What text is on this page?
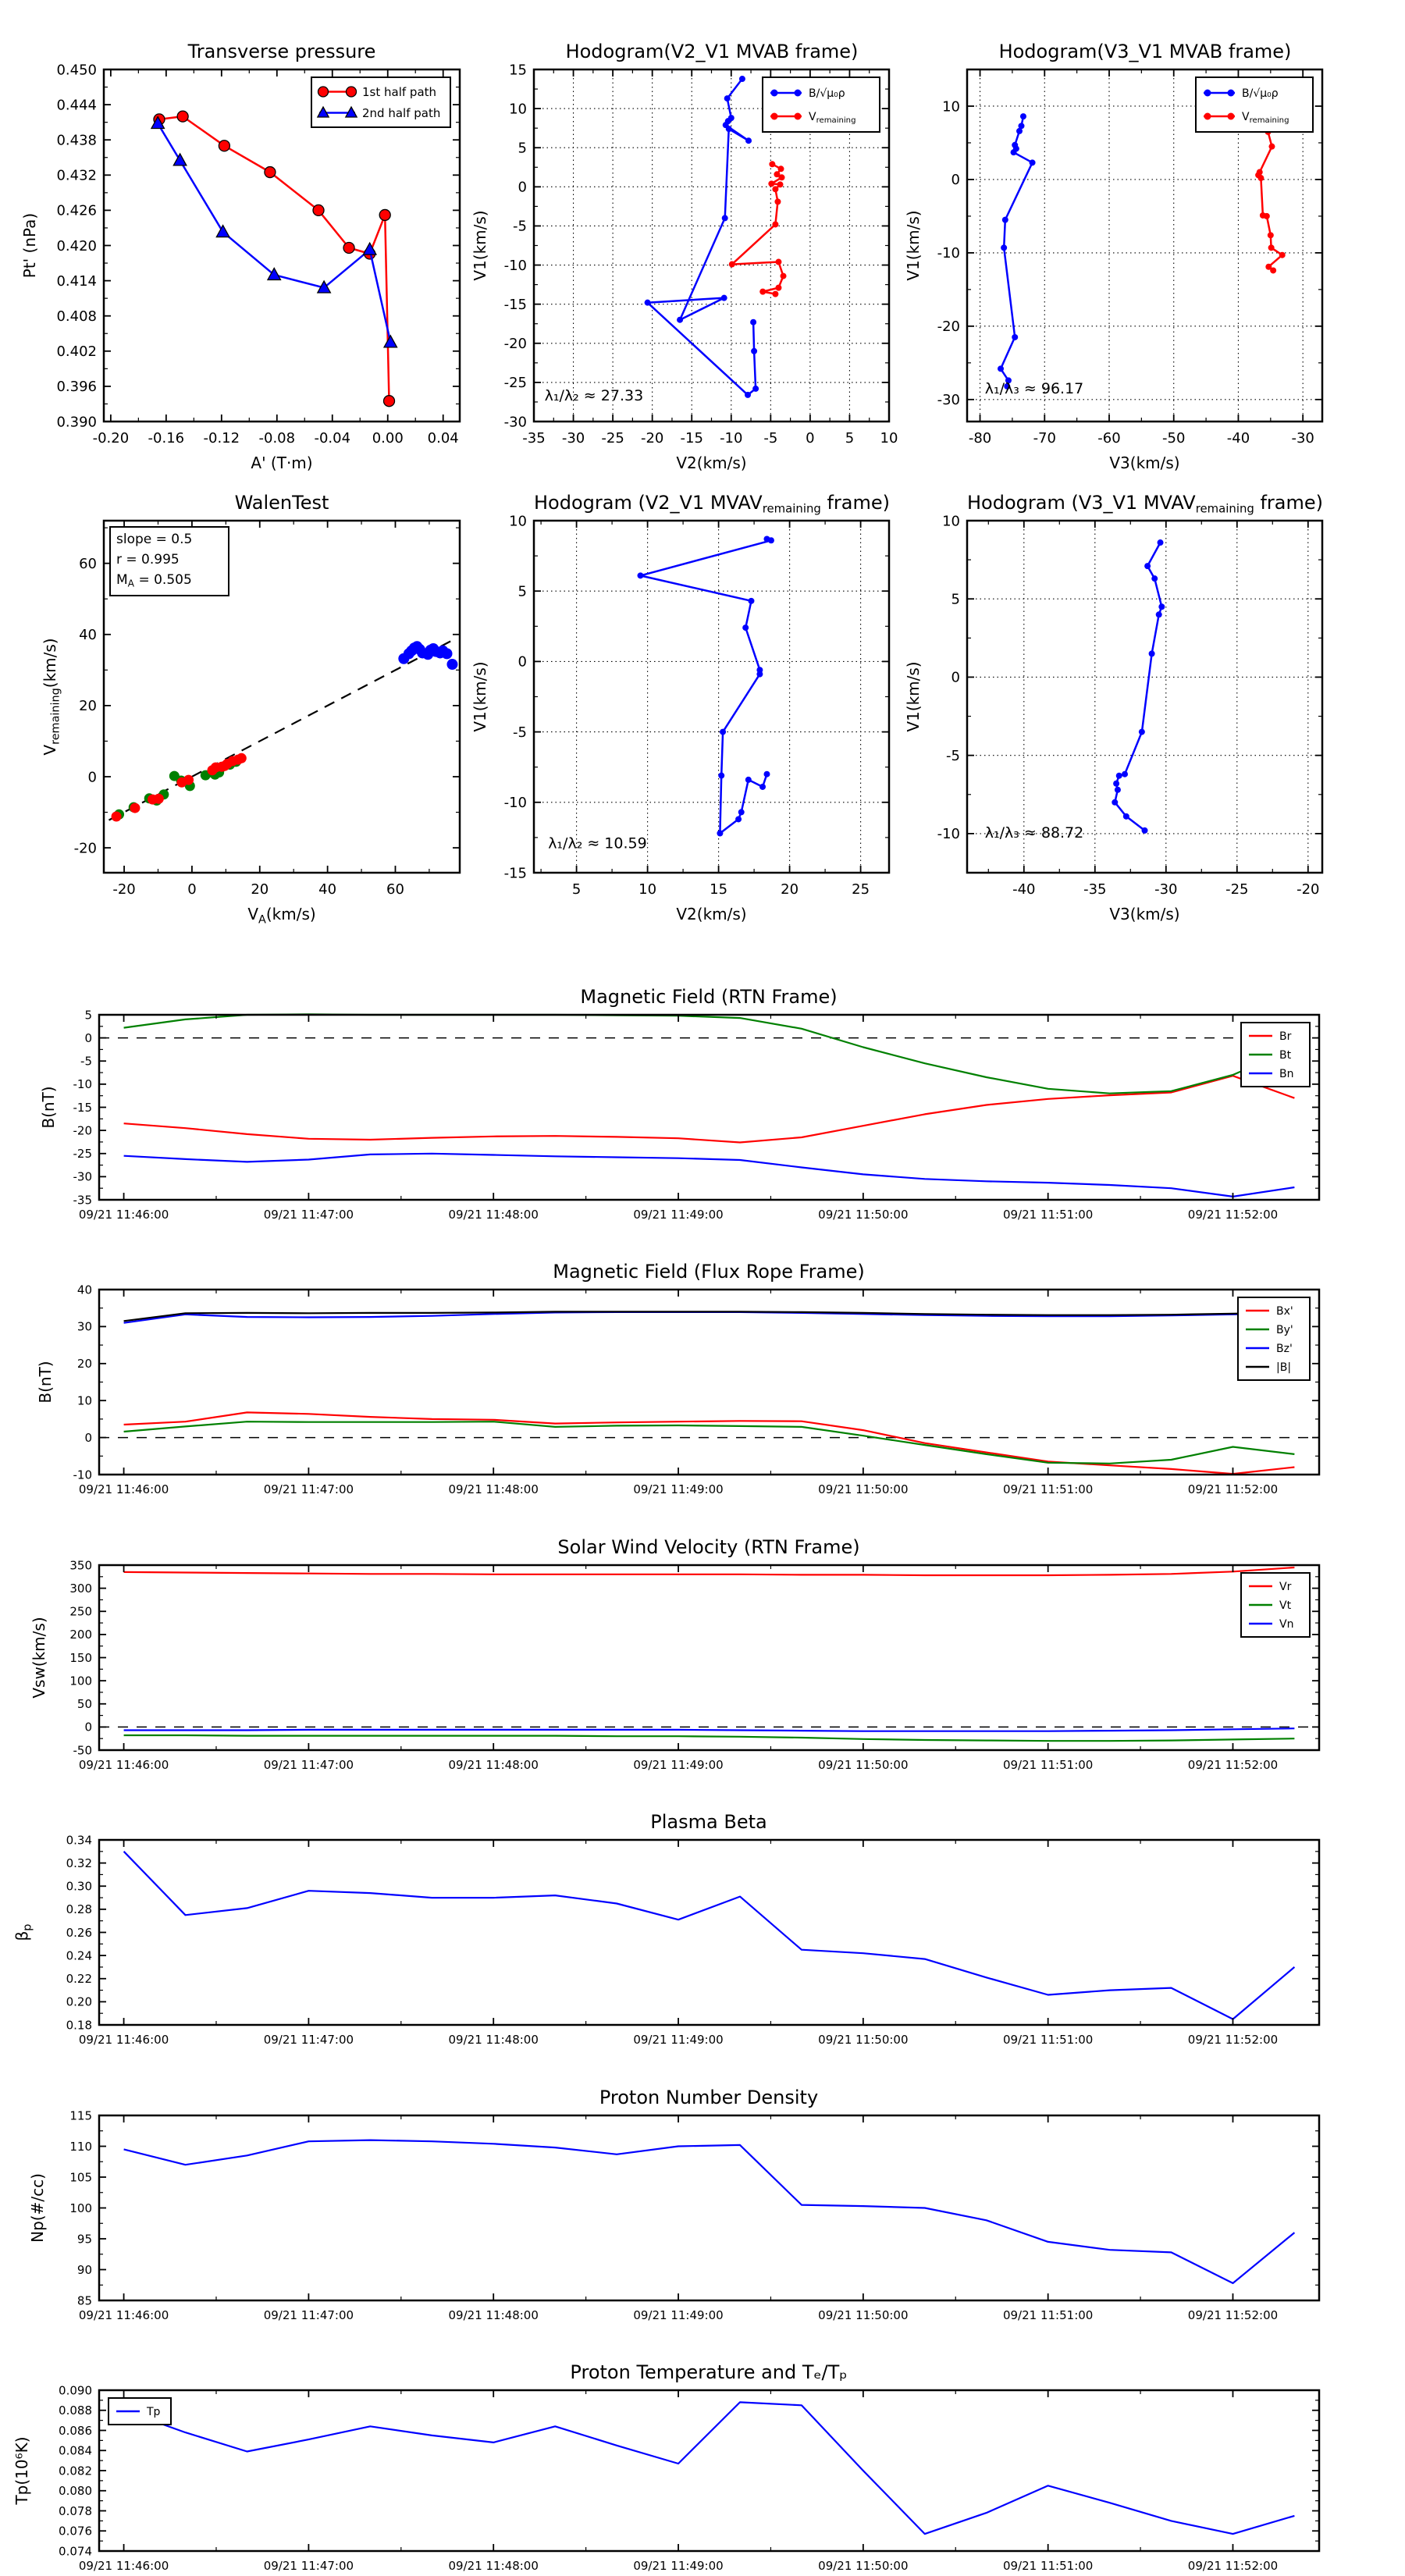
-0.20 -0.16 -0.12 -0.08 -0.04 0.00 0.04
0.390
0.396
0.402
0.408
0.414
0.420
0.426
0.432
0.438
0.444
0.450
A' (T·m)
Pt' (nPa)
1st half path
2nd half path
-35 -30 -25 -20 -15 -10 -5 0 5 10
-30
-25
-20
-15
-10
-5
0
5
10
15
V2(km/s)
V1(km/s)
B/√μ₀ρ
$V_{remaining}$
λ₁/λ₂ ≈ 27.33
-80	-70	-60	-50	-40	-30
-30
-20
-10
0
10
V3(km/s)
V1(km/s)
B/√μ₀ρ
$V_{remaining}$
λ₁/λ₃ ≈ 96.17
-20	0	20	40	60
-20
0
20
40
60
$V_A(km/s)$
$V_{remaining}(km/s)$
slope = 0.5
r = 0.995
$M_A = 0.505$
5	10	15	20	25
-15
-10
-5
0
5
10
V2(km/s)
V1(km/s)
λ₁/λ₂ ≈ 10.59
-40	-35	-30	-25	-20
-10
-5
0
5
10
V3(km/s)
V1(km/s)
λ₁/λ₃ ≈ 88.72
09/21 11:46:00	09/21 11:47:00	09/21 11:48:00	09/21 11:49:00	09/21 11:50:00	09/21 11:51:00	09/21 11:52:00
-35
-30
-25
-20
-15
-10
-5
0
5
B(nT)
Br
Bt
Bn
09/21 11:46:00	09/21 11:47:00	09/21 11:48:00	09/21 11:49:00	09/21 11:50:00	09/21 11:51:00	09/21 11:52:00
-10
0
10
20
30
40
B(nT)
Bx'
By'
Bz'
|B|
09/21 11:46:00	09/21 11:47:00	09/21 11:48:00	09/21 11:49:00	09/21 11:50:00	09/21 11:51:00	09/21 11:52:00
-50
0
50
100
150
200
250
300
350
Vsw(km/s)
Vr
Vt
Vn
09/21 11:46:00	09/21 11:47:00	09/21 11:48:00	09/21 11:49:00	09/21 11:50:00	09/21 11:51:00	09/21 11:52:00
0.18
0.20
0.22
0.24
0.26
0.28
0.30
0.32
0.34
$\beta_p$
09/21 11:46:00	09/21 11:47:00	09/21 11:48:00	09/21 11:49:00	09/21 11:50:00	09/21 11:51:00	09/21 11:52:00
85
90
95
100
105
110
115
Np(#/cc)
09/21 11:46:00	09/21 11:47:00	09/21 11:48:00	09/21 11:49:00	09/21 11:50:00	09/21 11:51:00	09/21 11:52:00
0.074
0.076
0.078
0.080
0.082
0.084
0.086
0.088
0.090
Tp(10⁶K)
Tp
Transverse pressure	Hodogram(V2_V1 MVAB frame)	Hodogram(V3_V1 MVAB frame)
WalenTest	Hodogram (V2_V1 $MVAV_{remaining}$ frame)	Hodogram (V3_V1 $MVAV_{remaining}$ frame)
Magnetic Field (RTN Frame)
Magnetic Field (Flux Rope Frame)
Solar Wind Velocity (RTN Frame)
Plasma Beta
Proton Number Density
Proton Temperature and Tₑ/Tₚ
